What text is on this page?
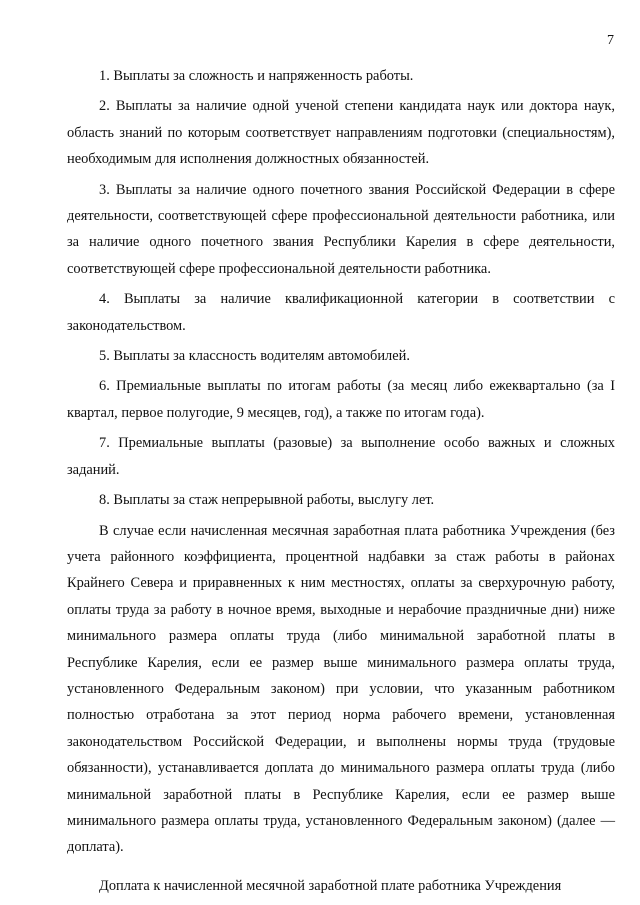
7

1. Выплаты за сложность и напряженность работы.

2. Выплаты за наличие одной ученой степени кандидата наук или доктора наук, область знаний по которым соответствует направлениям подготовки (специальностям), необходимым для исполнения должностных обязанностей.

3. Выплаты за наличие одного почетного звания Российской Федерации в сфере деятельности, соответствующей сфере профессиональной деятельности работника, или за наличие одного почетного звания Республики Карелия в сфере деятельности, соответствующей сфере профессиональной деятельности работника.

4. Выплаты за наличие квалификационной категории в соответствии с законодательством.

5. Выплаты за классность водителям автомобилей.

6. Премиальные выплаты по итогам работы (за месяц либо ежеквартально (за I квартал, первое полугодие, 9 месяцев, год), а также по итогам года).

7. Премиальные выплаты (разовые) за выполнение особо важных и сложных заданий.

8. Выплаты за стаж непрерывной работы, выслугу лет.

В случае если начисленная месячная заработная плата работника Учреждения (без учета районного коэффициента, процентной надбавки за стаж работы в районах Крайнего Севера и приравненных к ним местностях, оплаты за сверхурочную работу, оплаты труда за работу в ночное время, выходные и нерабочие праздничные дни) ниже минимального размера оплаты труда (либо минимальной заработной платы в Республике Карелия, если ее размер выше минимального размера оплаты труда, установленного Федеральным законом) при условии, что указанным работником полностью отработана за этот период норма рабочего времени, установленная законодательством Российской Федерации, и выполнены нормы труда (трудовые обязанности), устанавливается доплата до минимального размера оплаты труда (либо минимальной заработной платы в Республике Карелия, если ее размер выше минимального размера оплаты труда, установленного Федеральным законом) (далее — доплата).

Доплата к начисленной месячной заработной плате работника Учреждения
